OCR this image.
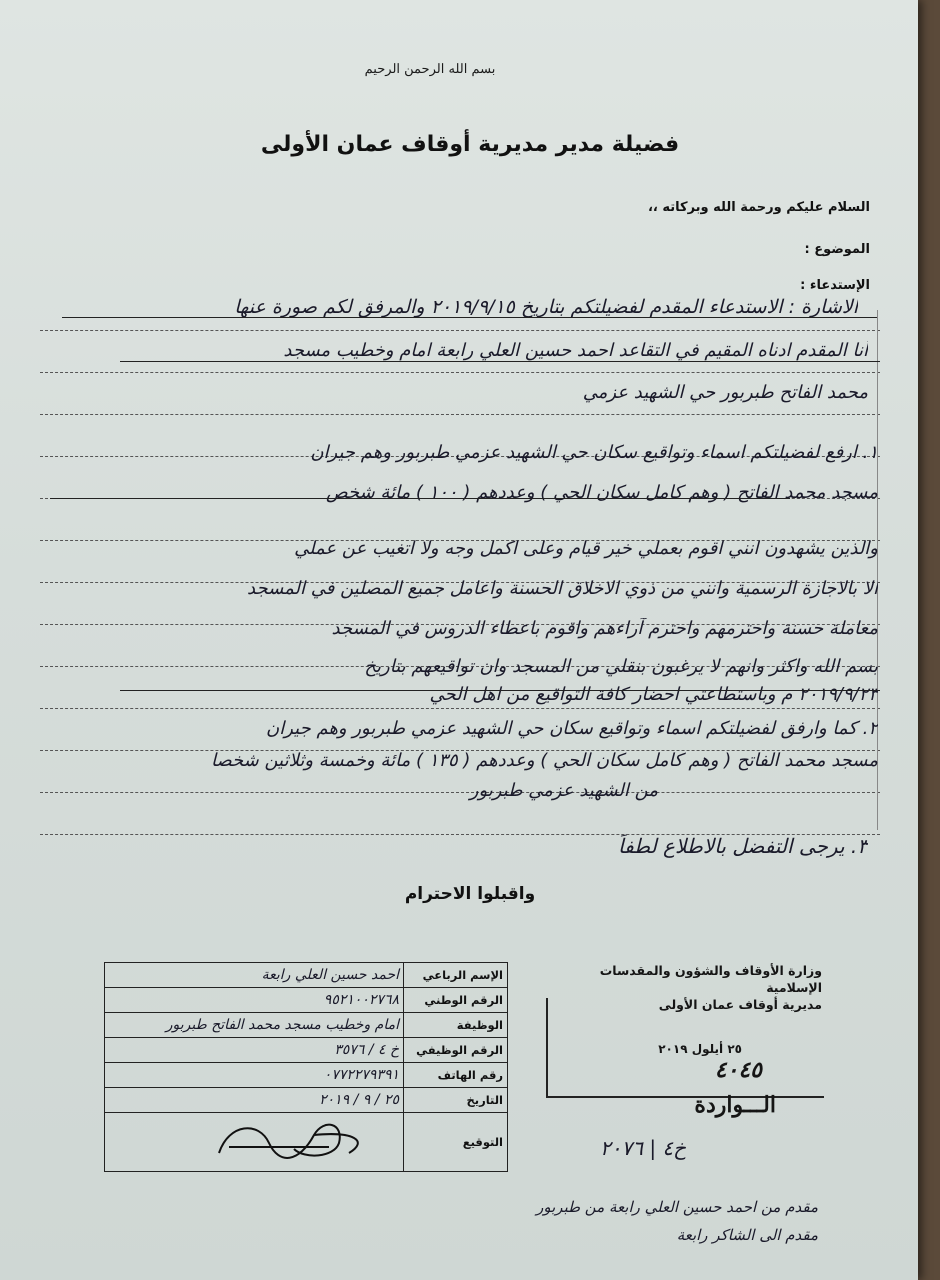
بسم الله الرحمن الرحيم
فضيلة مدير مديرية أوقاف عمان الأولى
السلام عليكم ورحمة الله وبركاته ،،
الموضوع :
الإستدعاء :
الاشارة : الاستدعاء المقدم لفضيلتكم بتاريخ ٢٠١٩/٩/١٥ والمرفق لكم صورة عنها
أنا المقدم ادناه المقيم في التقاعد احمد حسين العلي رابعة امام وخطيب مسجد
محمد الفاتح طبربور حي الشهيد عزمي
١. ارفع لفضيلتكم اسماء وتواقيع سكان حي الشهيد عزمي طبربور وهم جيران
مسجد محمد الفاتح ( وهم كامل سكان الحي ) وعددهم ( ١٠٠ ) مائة شخص
والذين يشهدون انني اقوم بعملي خير قيام وعلى اكمل وجه ولا اتغيب عن عملي
الا بالاجازة الرسمية وانني من ذوي الاخلاق الحسنة واعامل جميع المصلين في المسجد
معاملة حسنة واحترمهم واحترم آراءهم واقوم باعطاء الدروس في المسجد
بسم الله واكثر وانهم لا يرغبون بنقلي من المسجد وان تواقيعهم بتاريخ
٢٠١٩/٩/٢٣ م وباستطاعتي احضار كافة التواقيع من اهل الحي
٢. كما وارفق لفضيلتكم اسماء وتواقيع سكان حي الشهيد عزمي طبربور وهم جيران
مسجد محمد الفاتح ( وهم كامل سكان الحي ) وعددهم ( ١٣٥ ) مائة وخمسة وثلاثين شخصا
من الشهيد عزمي طبربور
٣. يرجى التفضل بالاطلاع لطفاً
واقبلوا الاحترام
الإسم الرباعي	احمد حسين العلي رابعة
الرقم الوطني	٩٥٢١٠٠٢٧٦٨
الوظيفة	امام وخطيب مسجد محمد الفاتح طبربور
الرقم الوظيفي	خ ٤ / ٣٥٧٦
رقم الهاتف	٠٧٧٢٢٧٩٣٩١
التاريخ	٢٥ / ٩ / ٢٠١٩
التوقيع	
وزارة الأوقاف والشؤون والمقدسات الإسلامية
مديرية أوقاف عمان الأولى
٢٥ أيلول ٢٠١٩
٤٠٤٥
الـــواردة
خ٤ | ٢٠٧٦
مقدم من احمد حسين العلي رابعة من طبربور
مقدم الى الشاكر رابعة
